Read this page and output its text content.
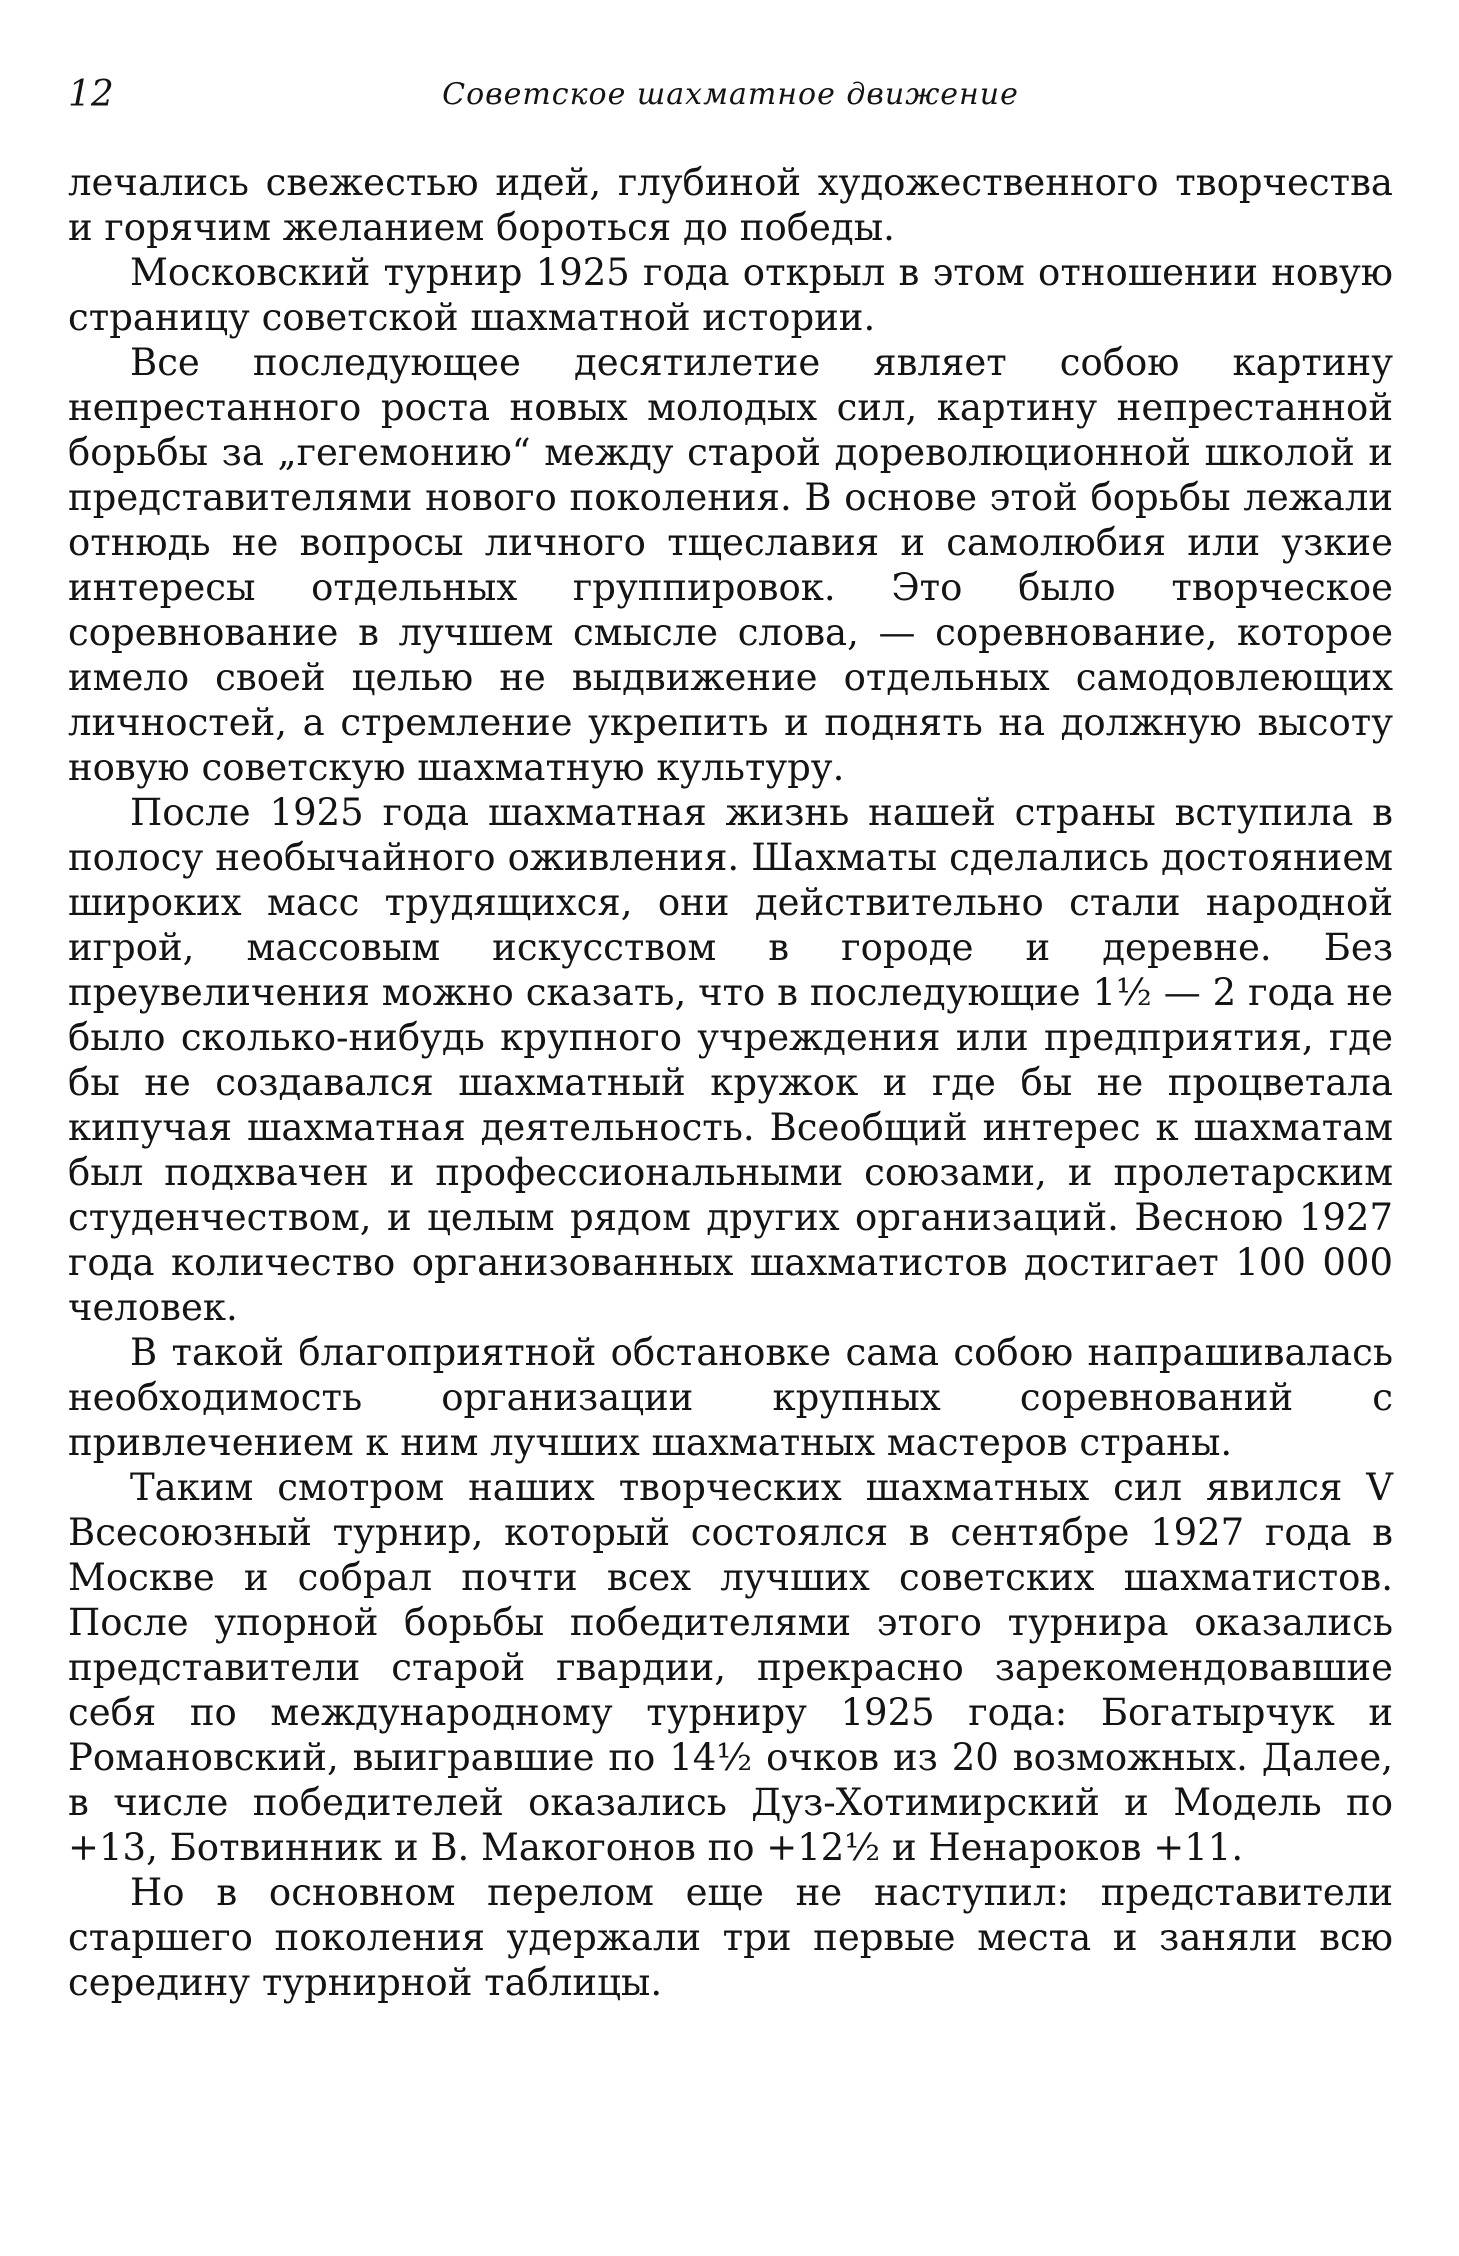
12	Советское шахматное движение

лечались свежестью идей, глубиной художественного творчества и горячим желанием бороться до победы.

Московский турнир 1925 года открыл в этом отношении новую страницу советской шахматной истории.

Все последующее десятилетие являет собою картину непрестанного роста новых молодых сил, картину непрестанной борьбы за „гегемонию“ между старой дореволюционной школой и представителями нового поколения. В основе этой борьбы лежали отнюдь не вопросы личного тщеславия и самолюбия или узкие интересы отдельных группировок. Это было творческое соревнование в лучшем смысле слова, — соревнование, которое имело своей целью не выдвижение отдельных самодовлеющих личностей, а стремление укрепить и поднять на должную высоту новую советскую шахматную культуру.

После 1925 года шахматная жизнь нашей страны вступила в полосу необычайного оживления. Шахматы сделались достоянием широких масс трудящихся, они действительно стали народной игрой, массовым искусством в городе и деревне. Без преувеличения можно сказать, что в последующие 1½ — 2 года не было сколько-нибудь крупного учреждения или предприятия, где бы не создавался шахматный кружок и где бы не процветала кипучая шахматная деятельность. Всеобщий интерес к шахматам был подхвачен и профессиональными союзами, и пролетарским студенчеством, и целым рядом других организаций. Весною 1927 года количество организованных шахматистов достигает 100 000 человек.

В такой благоприятной обстановке сама собою напрашивалась необходимость организации крупных соревнований с привлечением к ним лучших шахматных мастеров страны.

Таким смотром наших творческих шахматных сил явился V Всесоюзный турнир, который состоялся в сентябре 1927 года в Москве и собрал почти всех лучших советских шахматистов. После упорной борьбы победителями этого турнира оказались представители старой гвардии, прекрасно зарекомендовавшие себя по международному турниру 1925 года: Богатырчук и Романовский, выигравшие по 14½ очков из 20 возможных. Далее, в числе победителей оказались Дуз-Хотимирский и Модель по +13, Ботвинник и В. Макогонов по +12½ и Ненароков +11.

Но в основном перелом еще не наступил: представители старшего поколения удержали три первые места и заняли всю середину турнирной таблицы.
